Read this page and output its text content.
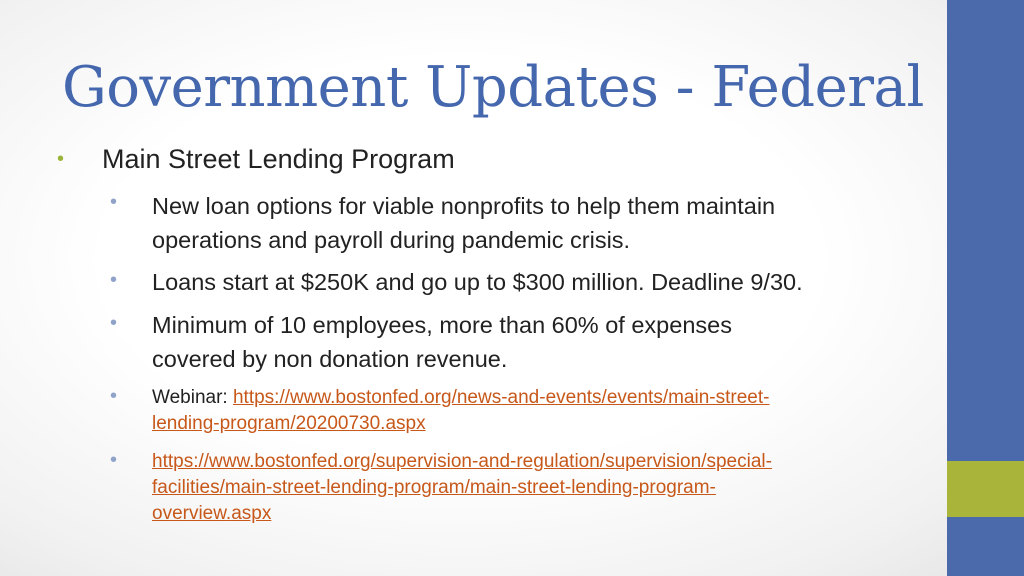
Government Updates - Federal
• Main Street Lending Program
• New loan options for viable nonprofits to help them maintain
operations and payroll during pandemic crisis.
• Loans start at $250K and go up to $300 million. Deadline 9/30.
• Minimum of 10 employees, more than 60% of expenses
covered by non donation revenue.
• Webinar: https://www.bostonfed.org/news-and-events/events/main-street-
lending-program/20200730.aspx
• https://www.bostonfed.org/supervision-and-regulation/supervision/special-
facilities/main-street-lending-program/main-street-lending-program-
overview.aspx
